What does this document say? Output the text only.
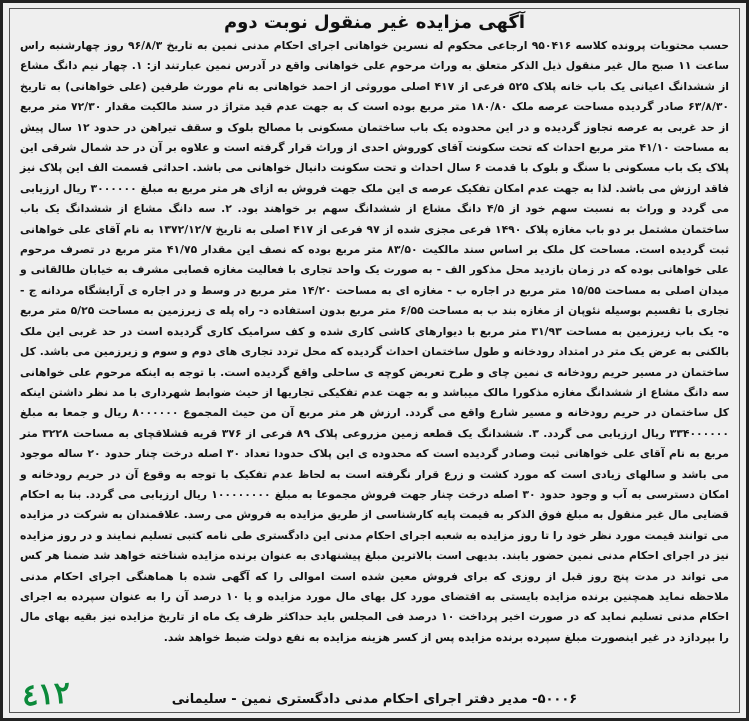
آگهی مزایده غیر منقول نوبت دوم

حسب محتویات پرونده کلاسه ۹۵۰۴۱۶ ارجاعی محکوم له نسرین خواهانی اجرای احکام مدنی نمین به تاریخ ۹۶/۸/۳ روز چهارشنبه راس ساعت ۱۱ صبح مال غیر منقول ذیل الذکر متعلق به وراث مرحوم علی خواهانی واقع در آدرس نمین عبارتند از: ۱. چهار نیم دانگ مشاع از ششدانگ اعیانی یک باب خانه پلاک ۵۲۵ فرعی از ۴۱۷ اصلی موروثی از احمد خواهانی به نام مورث طرفین (علی خواهانی) به تاریخ ۶۳/۸/۳۰ صادر گردیده مساحت عرصه ملک ۱۸۰/۸۰ متر مربع بوده است ک به جهت عدم قید متراژ در سند مالکیت مقدار ۷۲/۳۰ متر مربع از حد غربی به عرصه تجاوز گردیده و در این محدوده یک باب ساختمان مسکونی با مصالح بلوک و سقف تیراهن در حدود ۱۲ سال پیش به مساحت ۴۱/۱۰ متر مربع احداث که تحت سکونت آقای کوروش احدی از وراث قرار گرفته است و علاوه بر آن در حد شمال شرقی این پلاک یک باب مسکونی با سنگ و بلوک با قدمت ۶ سال احداث و تحت سکونت دانیال خواهانی می باشد. احداثی قسمت الف این پلاک نیز فاقد ارزش می باشد. لذا به جهت عدم امکان تفکیک عرصه ی این ملک جهت فروش به ازای هر متر مربع به مبلغ ۳۰۰۰۰۰۰ ریال ارزیابی می گردد و وراث به نسبت سهم خود از ۴/۵ دانگ مشاع از ششدانگ سهم بر خواهند بود. ۲. سه دانگ مشاع از ششدانگ یک باب ساختمان مشتمل بر دو باب مغازه پلاک ۱۴۹۰ فرعی مجزی شده از ۹۷ فرعی از ۴۱۷ اصلی به تاریخ ۱۳۷۲/۱۲/۷ به نام آقای علی خواهانی ثبت گردیده است. مساحت کل ملک بر اساس سند مالکیت ۸۳/۵۰ متر مربع بوده که نصف این مقدار ۴۱/۷۵ متر مربع در تصرف مرحوم علی خواهانی بوده که در زمان بازدید محل مذکور الف - به صورت یک واحد تجاری با فعالیت مغازه قصابی مشرف به خیابان طالقانی و میدان اصلی به مساحت ۱۵/۵۵ متر مربع در اجاره ب - مغازه ای به مساحت ۱۴/۲۰ متر مربع در وسط و در اجاره ی آرایشگاه مردانه ج - تجاری با تقسیم بوسیله نئوپان از مغازه بند ب به مساحت ۶/۵۵ متر مربع بدون استفاده د- راه پله ی زیرزمین به مساحت ۵/۲۵ متر مربع ه- یک باب زیرزمین به مساحت ۳۱/۹۳ متر مربع با دیوارهای کاشی کاری شده و کف سرامیک کاری گردیده است در حد غربی این ملک بالکنی به عرض یک متر در امتداد رودخانه و طول ساختمان احداث گردیده که محل تردد تجاری های دوم و سوم و زیرزمین می باشد. کل ساختمان در مسیر حریم رودخانه ی نمین چای و طرح تعریض کوچه ی ساحلی واقع گردیده است. با توجه به اینکه مرحوم علی خواهانی سه دانگ مشاع از ششدانگ مغازه مذکورا مالک میباشد و به جهت عدم تفکیکی تجاریها از حیث ضوابط شهرداری با مد نظر داشتن اینکه کل ساختمان در حریم رودخانه و مسیر شارع واقع می گردد. ارزش هر متر مربع آن من حیث المجموع ۸۰۰۰۰۰۰ ریال و جمعا به مبلغ ۳۳۴۰۰۰۰۰۰ ریال ارزیابی می گردد. ۳. ششدانگ یک قطعه زمین مزروعی پلاک ۸۹ فرعی از ۳۷۶ قریه قشلاقچای به مساحت ۳۲۲۸ متر مربع به نام آقای علی خواهانی ثبت وصادر گردیده است که محدوده ی این پلاک حدودا تعداد ۳۰ اصله درخت چنار حدود ۲۰ ساله موجود می باشد و سالهای زیادی است که مورد کشت و زرع قرار نگرفته است به لحاظ عدم تفکیک با توجه به وقوع آن در حریم رودخانه و امکان دسترسی به آب و وجود حدود ۳۰ اصله درخت چنار جهت فروش مجموعا به مبلغ ۱۰۰۰۰۰۰۰۰ ریال ارزیابی می گردد. بنا به احکام قضایی مال غیر منقول به مبلغ فوق الذکر به قیمت پایه کارشناسی از طریق مزایده به فروش می رسد. علاقمندان به شرکت در مزایده می توانند قیمت مورد نظر خود را تا روز مزایده به شعبه اجرای احکام مدنی این دادگستری طی نامه کتبی تسلیم نمایند و در روز مزایده نیز در اجرای احکام مدنی نمین حضور یابند. بدیهی است بالاترین مبلغ پیشنهادی به عنوان برنده مزایده شناخته خواهد شد ضمنا هر کس می تواند در مدت پنج روز قبل از روزی که برای فروش معین شده است اموالی را که آگهی شده با هماهنگی اجرای احکام مدنی ملاحظه نماید همچنین برنده مزایده بایستی به اقتضای مورد کل بهای مال مورد مزایده و یا ۱۰ درصد آن را به عنوان سپرده به اجرای احکام مدنی تسلیم نماید که در صورت اخیر پرداخت ۱۰ درصد فی المجلس باید حداکثر ظرف یک ماه از تاریخ مزایده نیز بقیه بهای مال را بپردازد در غیر اینصورت مبلغ سپرده برنده مزایده پس از کسر هزینه مزایده به نفع دولت ضبط خواهد شد.

۵۰۰۰۶- مدیر دفتر اجرای احکام مدنی دادگستری نمین - سلیمانی
٤١٢
